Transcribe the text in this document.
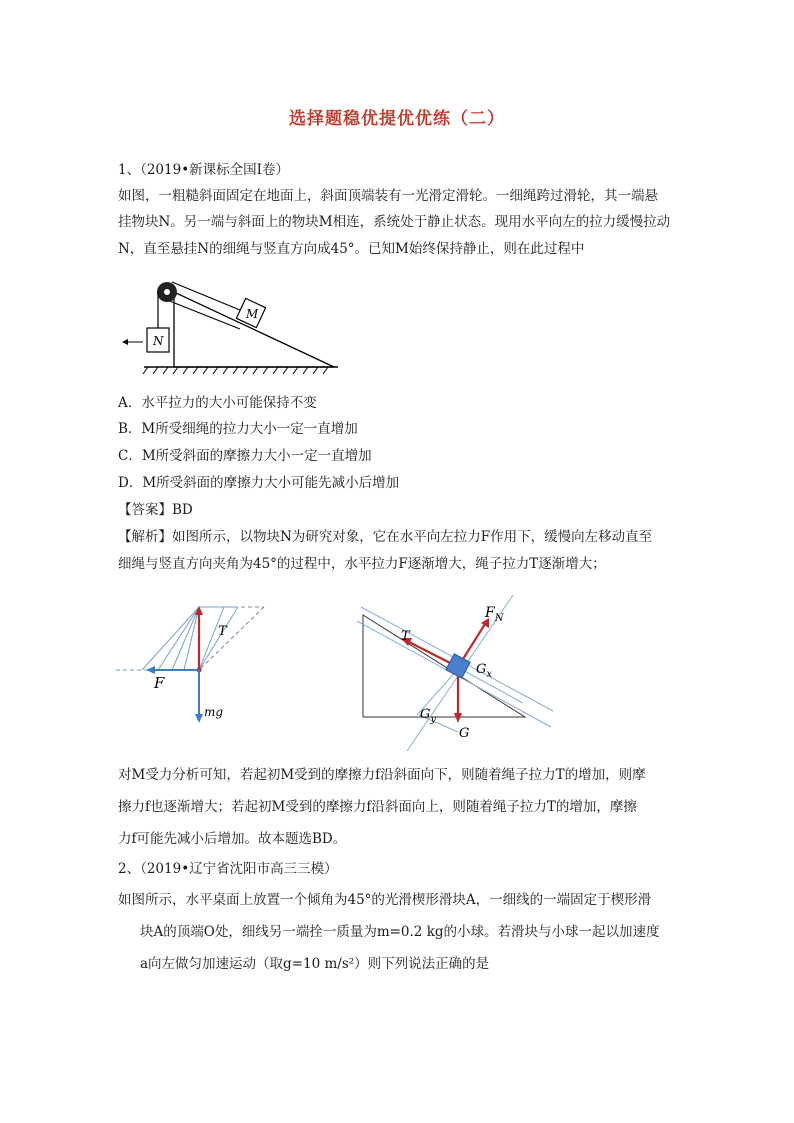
选择题稳优提优优练（二）
1、（2019•新课标全国Ⅰ卷）
如图，一粗糙斜面固定在地面上，斜面顶端装有一光滑定滑轮。一细绳跨过滑轮，其一端悬
挂物块N。另一端与斜面上的物块M相连，系统处于静止状态。现用水平向左的拉力缓慢拉动
N，直至悬挂N的细绳与竖直方向成45°。已知M始终保持静止，则在此过程中
M
N
A．水平拉力的大小可能保持不变
B．M所受细绳的拉力大小一定一直增加
C．M所受斜面的摩擦力大小一定一直增加
D．M所受斜面的摩擦力大小可能先减小后增加
【答案】BD
【解析】如图所示，以物块N为研究对象，它在水平向左拉力F作用下，缓慢向左移动直至
细绳与竖直方向夹角为45°的过程中，水平拉力F逐渐增大，绳子拉力T逐渐增大；
T
F
mg
T
$F_N$
$G_x$
$G_y$
G
对M受力分析可知，若起初M受到的摩擦力f沿斜面向下，则随着绳子拉力T的增加，则摩
擦力f也逐渐增大；若起初M受到的摩擦力f沿斜面向上，则随着绳子拉力T的增加，摩擦
力f可能先减小后增加。故本题选BD。
2、（2019•辽宁省沈阳市高三三模）
如图所示，水平桌面上放置一个倾角为45°的光滑楔形滑块A，一细线的一端固定于楔形滑
块A的顶端O处，细线另一端拴一质量为m=0.2 kg的小球。若滑块与小球一起以加速度
a向左做匀加速运动（取g=10 m/s²）则下列说法正确的是
